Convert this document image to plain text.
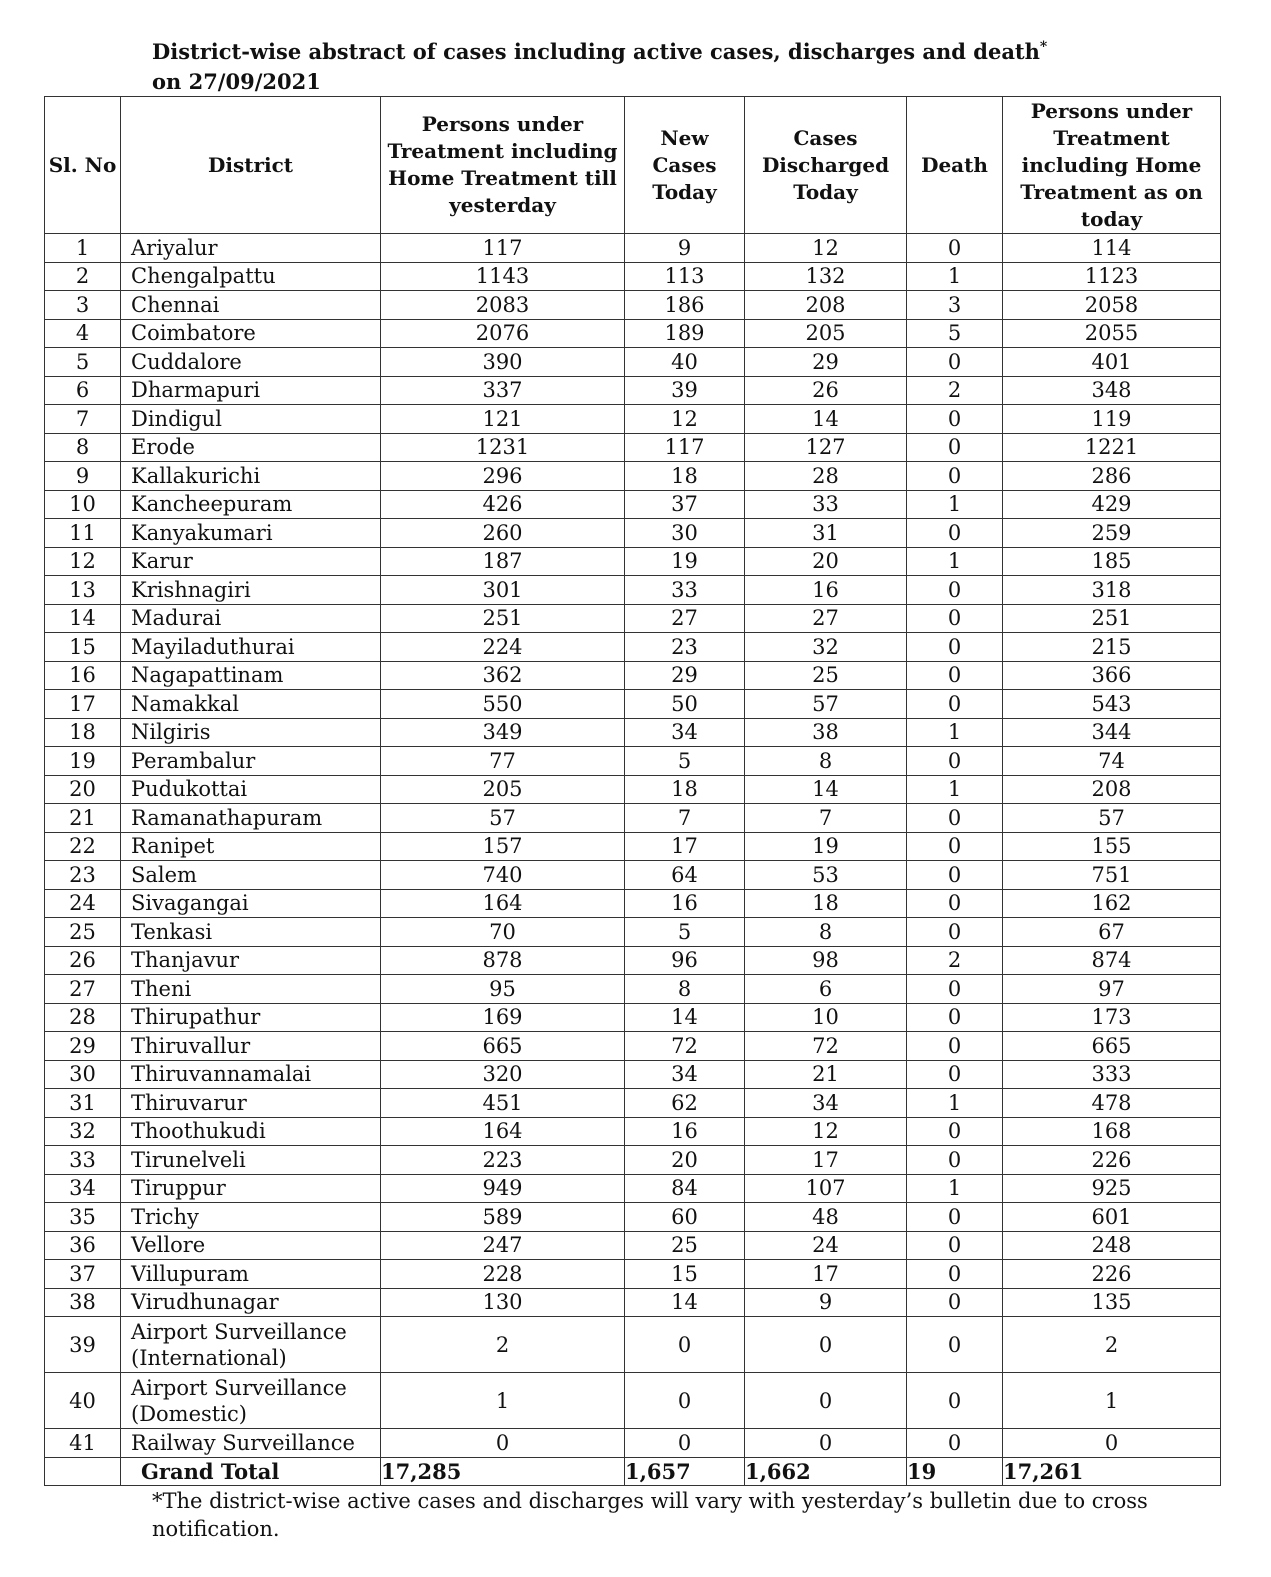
District-wise abstract of cases including active cases, discharges and death*
on 27/09/2021
Sl. No	District	Persons under Treatment including Home Treatment till yesterday	New Cases Today	Cases Discharged Today	Death	Persons under Treatment including Home Treatment as on today
1	Ariyalur	117	9	12	0	114
2	Chengalpattu	1143	113	132	1	1123
3	Chennai	2083	186	208	3	2058
4	Coimbatore	2076	189	205	5	2055
5	Cuddalore	390	40	29	0	401
6	Dharmapuri	337	39	26	2	348
7	Dindigul	121	12	14	0	119
8	Erode	1231	117	127	0	1221
9	Kallakurichi	296	18	28	0	286
10	Kancheepuram	426	37	33	1	429
11	Kanyakumari	260	30	31	0	259
12	Karur	187	19	20	1	185
13	Krishnagiri	301	33	16	0	318
14	Madurai	251	27	27	0	251
15	Mayiladuthurai	224	23	32	0	215
16	Nagapattinam	362	29	25	0	366
17	Namakkal	550	50	57	0	543
18	Nilgiris	349	34	38	1	344
19	Perambalur	77	5	8	0	74
20	Pudukottai	205	18	14	1	208
21	Ramanathapuram	57	7	7	0	57
22	Ranipet	157	17	19	0	155
23	Salem	740	64	53	0	751
24	Sivagangai	164	16	18	0	162
25	Tenkasi	70	5	8	0	67
26	Thanjavur	878	96	98	2	874
27	Theni	95	8	6	0	97
28	Thirupathur	169	14	10	0	173
29	Thiruvallur	665	72	72	0	665
30	Thiruvannamalai	320	34	21	0	333
31	Thiruvarur	451	62	34	1	478
32	Thoothukudi	164	16	12	0	168
33	Tirunelveli	223	20	17	0	226
34	Tiruppur	949	84	107	1	925
35	Trichy	589	60	48	0	601
36	Vellore	247	25	24	0	248
37	Villupuram	228	15	17	0	226
38	Virudhunagar	130	14	9	0	135
39	Airport Surveillance (International)	2	0	0	0	2
40	Airport Surveillance (Domestic)	1	0	0	0	1
41	Railway Surveillance	0	0	0	0	0
	Grand Total	17,285	1,657	1,662	19	17,261
*The district-wise active cases and discharges will vary with yesterday’s bulletin due to cross notification.
